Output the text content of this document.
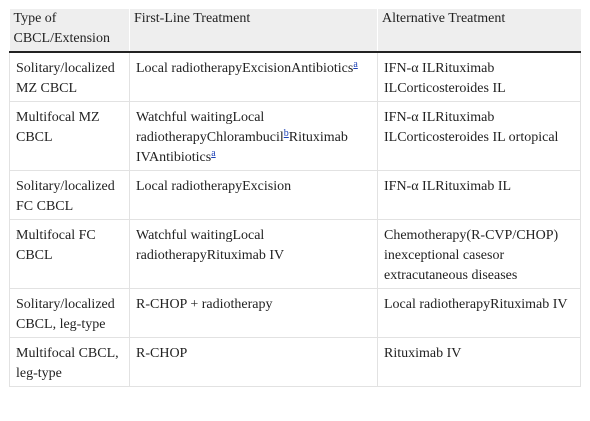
Type of CBCL/Extension	First-Line Treatment	Alternative Treatment
Solitary/localized MZ CBCL	Local radiotherapyExcisionAntibiotics$^a$	IFN-α ILRituximab ILCorticosteroides IL
Multifocal MZ CBCL	Watchful waitingLocal radiotherapyChlorambucil$^b$Rituximab IVAntibiotics$^a$	IFN-α ILRituximab ILCorticosteroides IL ortopical
Solitary/localized FC CBCL	Local radiotherapyExcision	IFN-α ILRituximab IL
Multifocal FC CBCL	Watchful waitingLocal radiotherapyRituximab IV	Chemotherapy(R-CVP/CHOP) inexceptional casesor extracutaneous diseases
Solitary/localized CBCL, leg-type	R-CHOP + radiotherapy	Local radiotherapyRituximab IV
Multifocal CBCL, leg-type	R-CHOP	Rituximab IV
